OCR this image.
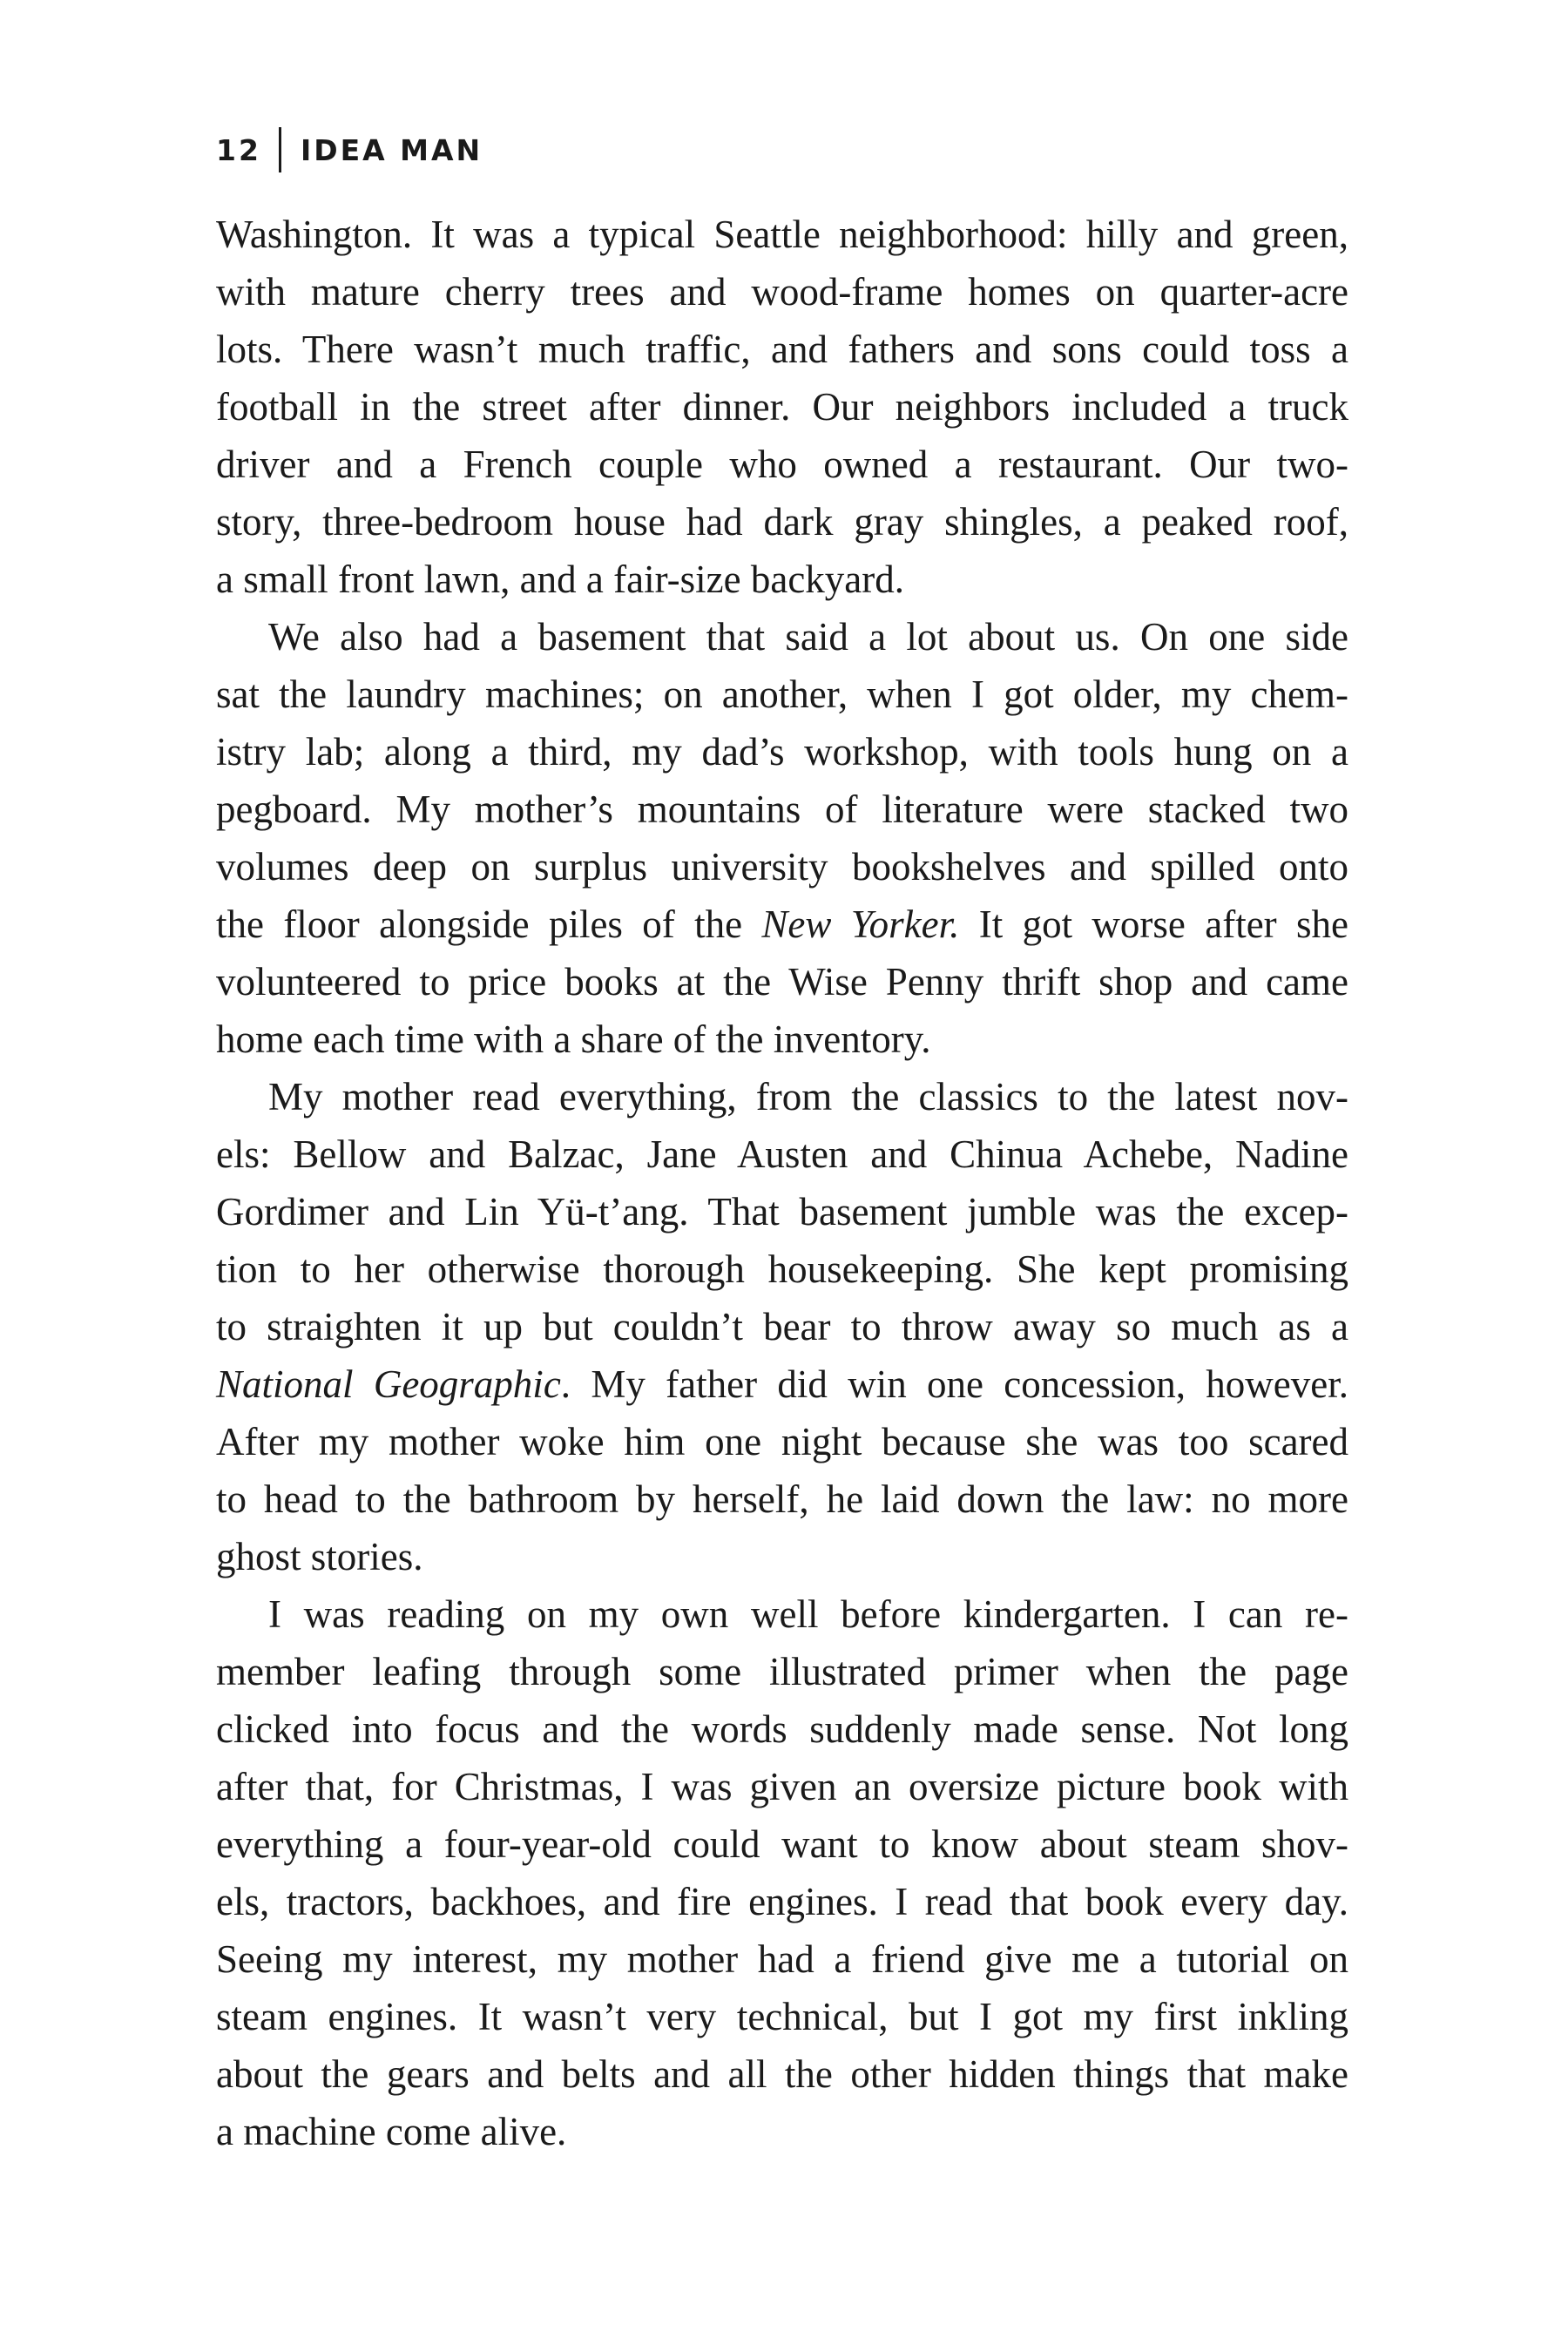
12 IDEA MAN
Washington. It was a typical Seattle neighborhood: hilly and green,
with mature cherry trees and wood-frame homes on quarter-acre
lots. There wasn’t much traffic, and fathers and sons could toss a
football in the street after dinner. Our neighbors included a truck
driver and a French couple who owned a restaurant. Our two-
story, three-bedroom house had dark gray shingles, a peaked roof,
a small front lawn, and a fair-size backyard.
We also had a basement that said a lot about us. On one side
sat the laundry machines; on another, when I got older, my chem-
istry lab; along a third, my dad’s workshop, with tools hung on a
pegboard. My mother’s mountains of literature were stacked two
volumes deep on surplus university bookshelves and spilled onto
the floor alongside piles of the New Yorker. It got worse after she
volunteered to price books at the Wise Penny thrift shop and came
home each time with a share of the inventory.
My mother read everything, from the classics to the latest nov-
els: Bellow and Balzac, Jane Austen and Chinua Achebe, Nadine
Gordimer and Lin Yü-t’ang. That basement jumble was the excep-
tion to her otherwise thorough housekeeping. She kept promising
to straighten it up but couldn’t bear to throw away so much as a
National Geographic. My father did win one concession, however.
After my mother woke him one night because she was too scared
to head to the bathroom by herself, he laid down the law: no more
ghost stories.
I was reading on my own well before kindergarten. I can re-
member leafing through some illustrated primer when the page
clicked into focus and the words suddenly made sense. Not long
after that, for Christmas, I was given an oversize picture book with
everything a four-year-old could want to know about steam shov-
els, tractors, backhoes, and fire engines. I read that book every day.
Seeing my interest, my mother had a friend give me a tutorial on
steam engines. It wasn’t very technical, but I got my first inkling
about the gears and belts and all the other hidden things that make
a machine come alive.
